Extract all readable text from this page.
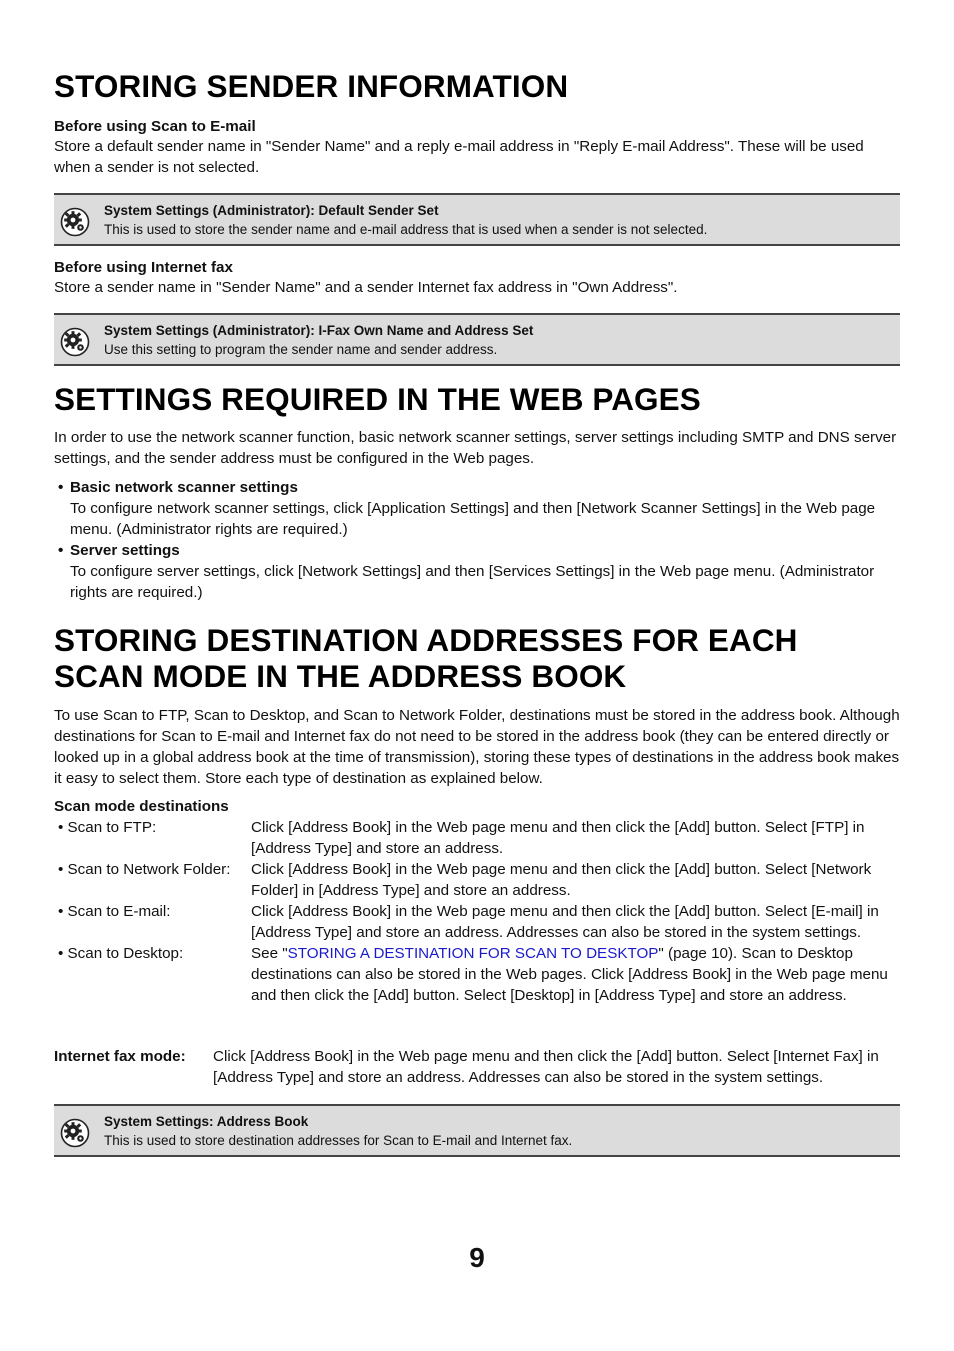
STORING SENDER INFORMATION
Before using Scan to E-mail

Store a default sender name in "Sender Name" and a reply e-mail address in "Reply E-mail Address". These will be used when a sender is not selected.

System Settings (Administrator): Default Sender Set
This is used to store the sender name and e-mail address that is used when a sender is not selected.
Before using Internet fax

Store a sender name in "Sender Name" and a sender Internet fax address in "Own Address".

System Settings (Administrator): I-Fax Own Name and Address Set
Use this setting to program the sender name and sender address.
SETTINGS REQUIRED IN THE WEB PAGES

In order to use the network scanner function, basic network scanner settings, server settings including SMTP and DNS server settings, and the sender address must be configured in the Web pages.

• Basic network scanner settings
To configure network scanner settings, click [Application Settings] and then [Network Scanner Settings] in the Web page menu. (Administrator rights are required.)
• Server settings
To configure server settings, click [Network Settings] and then [Services Settings] in the Web page menu. (Administrator rights are required.)
STORING DESTINATION ADDRESSES FOR EACH
SCAN MODE IN THE ADDRESS BOOK

To use Scan to FTP, Scan to Desktop, and Scan to Network Folder, destinations must be stored in the address book. Although destinations for Scan to E-mail and Internet fax do not need to be stored in the address book (they can be entered directly or looked up in a global address book at the time of transmission), storing these types of destinations in the address book makes it easy to select them. Store each type of destination as explained below.

Scan mode destinations
• Scan to FTP:	Click [Address Book] in the Web page menu and then click the [Add] button. Select [FTP] in [Address Type] and store an address.
• Scan to Network Folder:	Click [Address Book] in the Web page menu and then click the [Add] button. Select [Network Folder] in [Address Type] and store an address.
• Scan to E-mail:	Click [Address Book] in the Web page menu and then click the [Add] button. Select [E-mail] in [Address Type] and store an address. Addresses can also be stored in the system settings.
• Scan to Desktop:	See "STORING A DESTINATION FOR SCAN TO DESKTOP" (page 10). Scan to Desktop destinations can also be stored in the Web pages. Click [Address Book] in the Web page menu and then click the [Add] button. Select [Desktop] in [Address Type] and store an address.
Internet fax mode:	Click [Address Book] in the Web page menu and then click the [Add] button. Select [Internet Fax] in [Address Type] and store an address. Addresses can also be stored in the system settings.
System Settings: Address Book
This is used to store destination addresses for Scan to E-mail and Internet fax.
9
